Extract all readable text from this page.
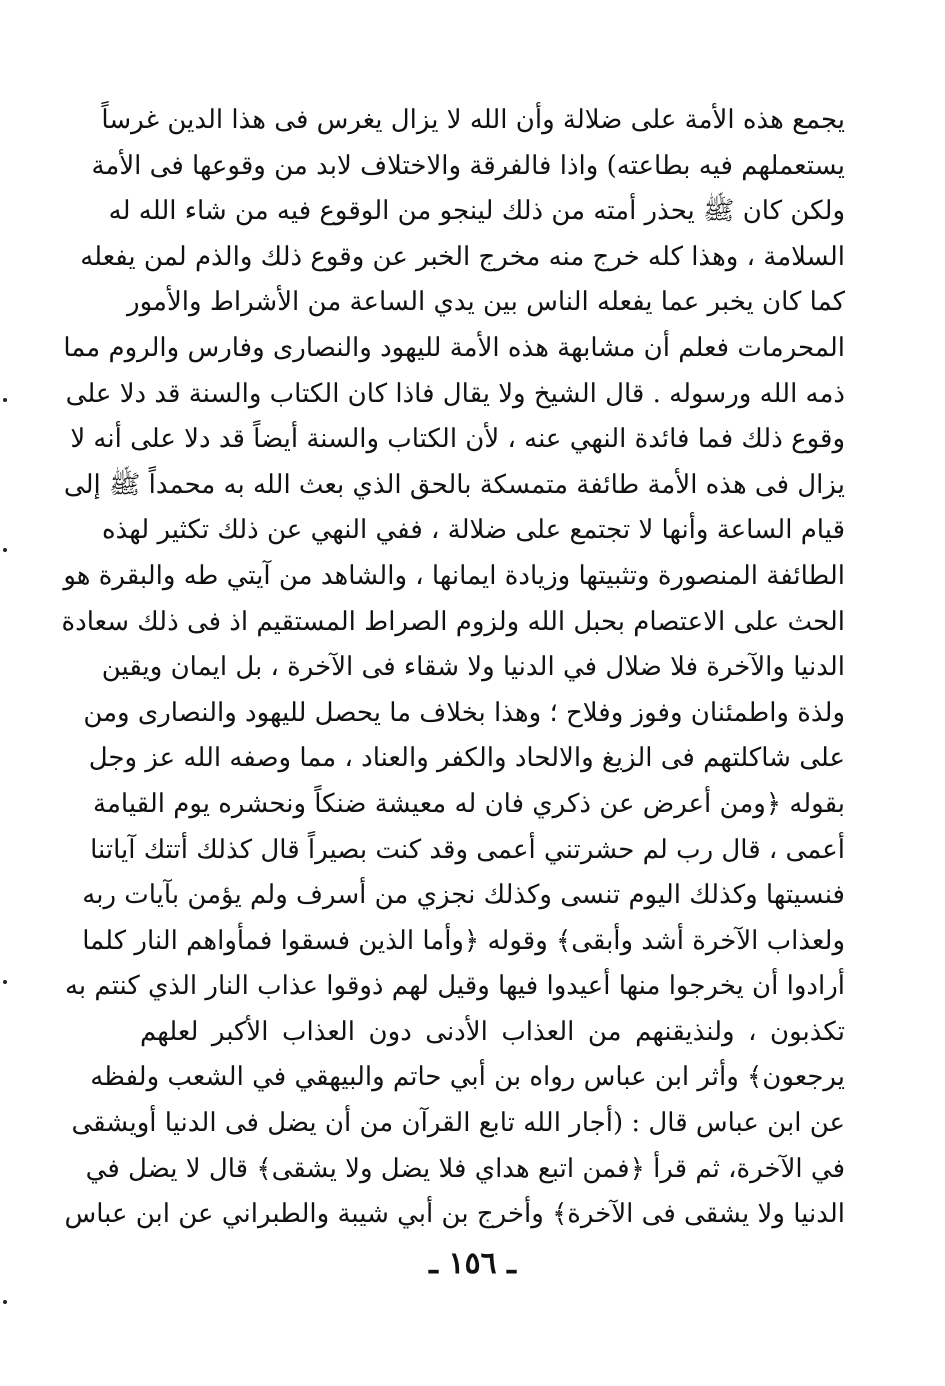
يجمع هذه الأمة على ضلالة وأن الله لا يزال يغرس فى هذا الدين غرساً
يستعملهم فيه بطاعته) واذا فالفرقة والاختلاف لابد من وقوعها فى الأمة
ولكن كان ﷺ يحذر أمته من ذلك لينجو من الوقوع فيه من شاء الله له
السلامة ، وهذا كله خرج منه مخرج الخبر عن وقوع ذلك والذم لمن يفعله
كما كان يخبر عما يفعله الناس بين يدي الساعة من الأشراط والأمور
المحرمات فعلم أن مشابهة هذه الأمة لليهود والنصارى وفارس والروم مما
ذمه الله ورسوله . قال الشيخ ولا يقال فاذا كان الكتاب والسنة قد دلا على
وقوع ذلك فما فائدة النهي عنه ، لأن الكتاب والسنة أيضاً قد دلا على أنه لا
يزال فى هذه الأمة طائفة متمسكة بالحق الذي بعث الله به محمداً ﷺ إلى
قيام الساعة وأنها لا تجتمع على ضلالة ، ففي النهي عن ذلك تكثير لهذه
الطائفة المنصورة وتثبيتها وزيادة ايمانها ، والشاهد من آيتي طه والبقرة هو
الحث على الاعتصام بحبل الله ولزوم الصراط المستقيم اذ فى ذلك سعادة
الدنيا والآخرة فلا ضلال في الدنيا ولا شقاء فى الآخرة ، بل ايمان ويقين
ولذة واطمئنان وفوز وفلاح ؛ وهذا بخلاف ما يحصل لليهود والنصارى ومن
على شاكلتهم فى الزيغ والالحاد والكفر والعناد ، مما وصفه الله عز وجل
بقوله ﴿ومن أعرض عن ذكري فان له معيشة ضنكاً ونحشره يوم القيامة
أعمى ، قال رب لم حشرتني أعمى وقد كنت بصيراً قال كذلك أتتك آياتنا
فنسيتها وكذلك اليوم تنسى وكذلك نجزي من أسرف ولم يؤمن بآيات ربه
ولعذاب الآخرة أشد وأبقى﴾ وقوله ﴿وأما الذين فسقوا فمأواهم النار كلما
أرادوا أن يخرجوا منها أعيدوا فيها وقيل لهم ذوقوا عذاب النار الذي كنتم به
تكذبون ، ولنذيقنهم من العذاب الأدنى دون العذاب الأكبر لعلهم
يرجعون﴾ وأثر ابن عباس رواه بن أبي حاتم والبيهقي في الشعب ولفظه
عن ابن عباس قال : (أجار الله تابع القرآن من أن يضل فى الدنيا أويشقى
في الآخرة، ثم قرأ ﴿فمن اتبع هداي فلا يضل ولا يشقى﴾ قال لا يضل في
الدنيا ولا يشقى فى الآخرة﴾ وأخرج بن أبي شيبة والطبراني عن ابن عباس
ـ ١٥٦ ـ
